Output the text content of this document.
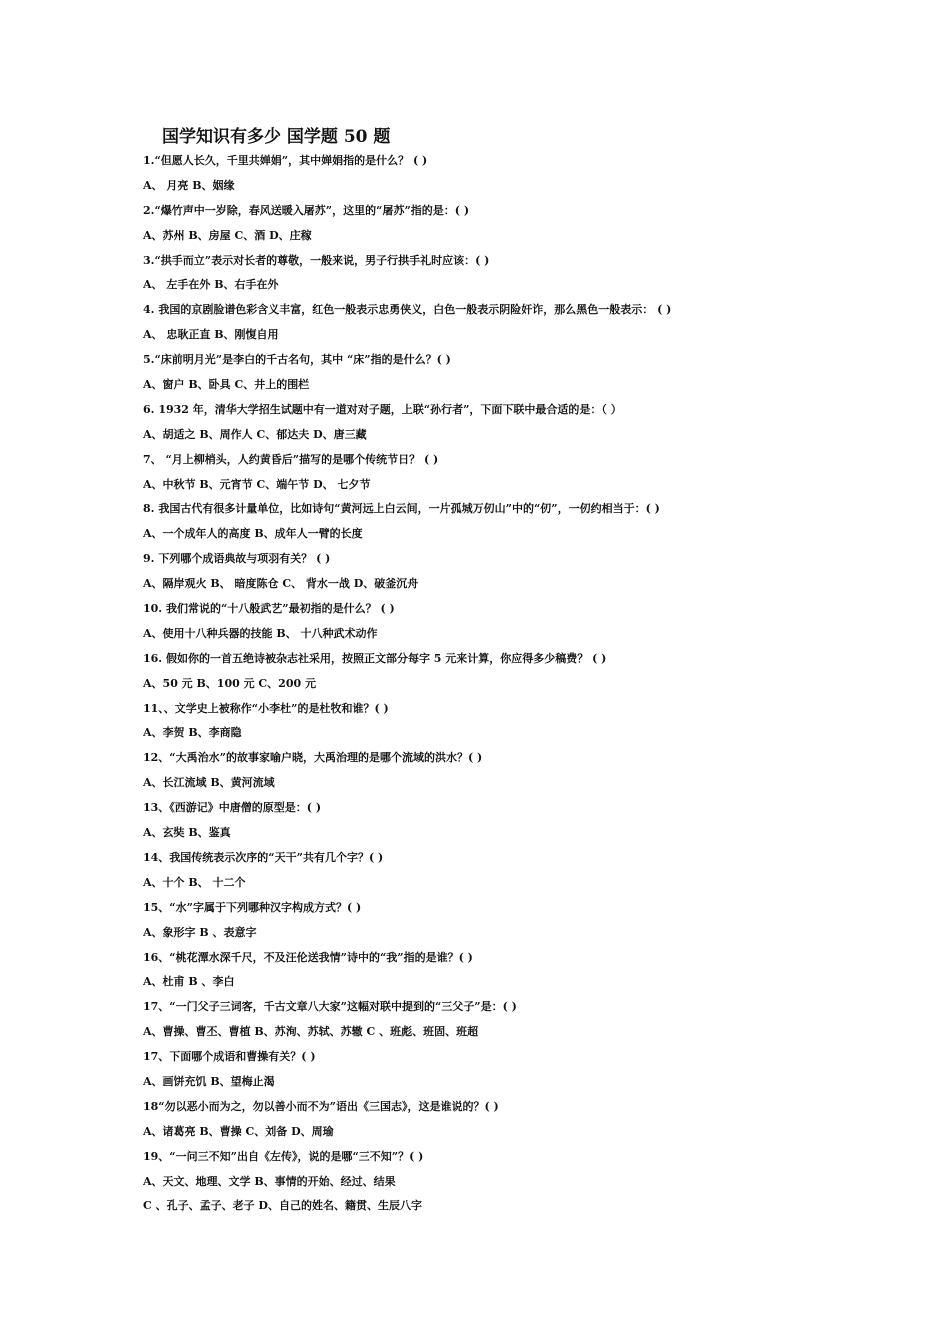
国学知识有多少 国学题 50 题
1.“但愿人长久，千里共婵娟”，其中婵娟指的是什么？ ( )
A、 月亮 B、姻缘
2.“爆竹声中一岁除，春风送暖入屠苏”，这里的“屠苏”指的是：( )
A、苏州 B、房屋 C、酒 D、庄稼
3.“拱手而立”表示对长者的尊敬，一般来说，男子行拱手礼时应该：( )
A、 左手在外 B、右手在外
4. 我国的京剧脸谱色彩含义丰富，红色一般表示忠勇侠义，白色一般表示阴险奸诈，那么黑色一般表示： ( )
A、 忠耿正直 B、刚愎自用
5.“床前明月光”是李白的千古名句，其中 “床”指的是什么？( )
A、窗户 B、卧具 C、井上的围栏
6. 1932 年，清华大学招生试题中有一道对对子题，上联“孙行者”，下面下联中最合适的是：（ ）
A、胡适之 B、周作人 C、郁达夫 D、唐三藏
7、 “月上柳梢头，人约黄昏后”描写的是哪个传统节日？ ( )
A、中秋节 B、元宵节 C、端午节 D、 七夕节
8. 我国古代有很多计量单位，比如诗句“黄河远上白云间，一片孤城万仞山”中的“仞”，一仞约相当于：( )
A、一个成年人的高度 B、成年人一臂的长度
9. 下列哪个成语典故与项羽有关？ ( )
A、隔岸观火 B、 暗度陈仓 C、 背水一战 D、破釜沉舟
10. 我们常说的“十八般武艺”最初指的是什么？ ( )
A、使用十八种兵器的技能 B、 十八种武术动作
16. 假如你的一首五绝诗被杂志社采用，按照正文部分每字 5 元来计算，你应得多少稿费？ ( )
A、50 元 B、100 元 C、200 元
11、、文学史上被称作“小李杜”的是杜牧和谁？( )
A、李贺 B、李商隐
12、“大禹治水”的故事家喻户晓，大禹治理的是哪个流域的洪水？( )
A、长江流域 B、黄河流域
13、《西游记》中唐僧的原型是：( )
A、玄奘 B、鉴真
14、我国传统表示次序的“天干”共有几个字？( )
A、十个 B、 十二个
15、“水”字属于下列哪种汉字构成方式？( )
A、象形字 B 、表意字
16、“桃花潭水深千尺，不及汪伦送我情”诗中的“我”指的是谁？( )
A、杜甫 B 、李白
17、“一门父子三词客，千古文章八大家”这幅对联中提到的“三父子”是：( )
A、曹操、曹丕、曹植 B、苏洵、苏轼、苏辙 C 、班彪、班固、班超
17、下面哪个成语和曹操有关？( )
A、画饼充饥 B、望梅止渴
18“勿以恶小而为之，勿以善小而不为”语出《三国志》，这是谁说的？( )
A、诸葛亮 B、曹操 C、刘备 D、周瑜
19、“一问三不知”出自《左传》，说的是哪“三不知”？( )
A、天文、地理、文学 B、事情的开始、经过、结果
C 、孔子、孟子、老子 D、自己的姓名、籍贯、生辰八字
